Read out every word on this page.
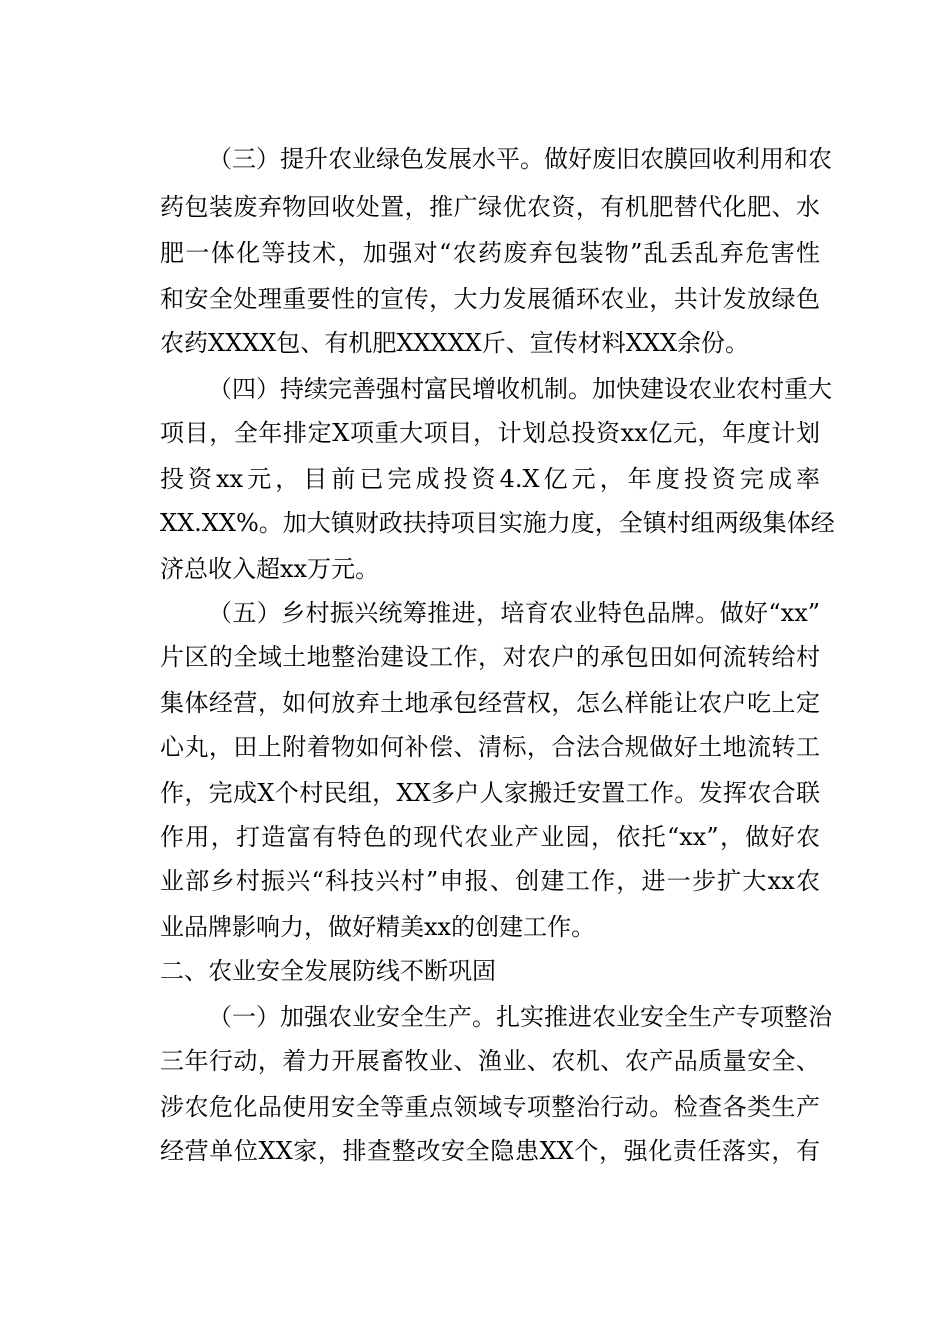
（三）提升农业绿色发展水平。做好废旧农膜回收利用和农
药包装废弃物回收处置，推广绿优农资，有机肥替代化肥、水
肥一体化等技术，加强对“农药废弃包装物”乱丢乱弃危害性
和安全处理重要性的宣传，大力发展循环农业，共计发放绿色
农药XXXX包、有机肥XXXXX斤、宣传材料XXX余份。
（四）持续完善强村富民增收机制。加快建设农业农村重大
项目，全年排定X项重大项目，计划总投资xx亿元，年度计划
投资xx元，目前已完成投资4.X亿元，年度投资完成率
XX.XX%。加大镇财政扶持项目实施力度，全镇村组两级集体经
济总收入超xx万元。
（五）乡村振兴统筹推进，培育农业特色品牌。做好“xx”
片区的全域土地整治建设工作，对农户的承包田如何流转给村
集体经营，如何放弃土地承包经营权，怎么样能让农户吃上定
心丸，田上附着物如何补偿、清标，合法合规做好土地流转工
作，完成X个村民组，XX多户人家搬迁安置工作。发挥农合联
作用，打造富有特色的现代农业产业园，依托“xx”，做好农
业部乡村振兴“科技兴村”申报、创建工作，进一步扩大xx农
业品牌影响力，做好精美xx的创建工作。
二、农业安全发展防线不断巩固
（一）加强农业安全生产。扎实推进农业安全生产专项整治
三年行动，着力开展畜牧业、渔业、农机、农产品质量安全、
涉农危化品使用安全等重点领域专项整治行动。检查各类生产
经营单位XX家，排查整改安全隐患XX个，强化责任落实，有
